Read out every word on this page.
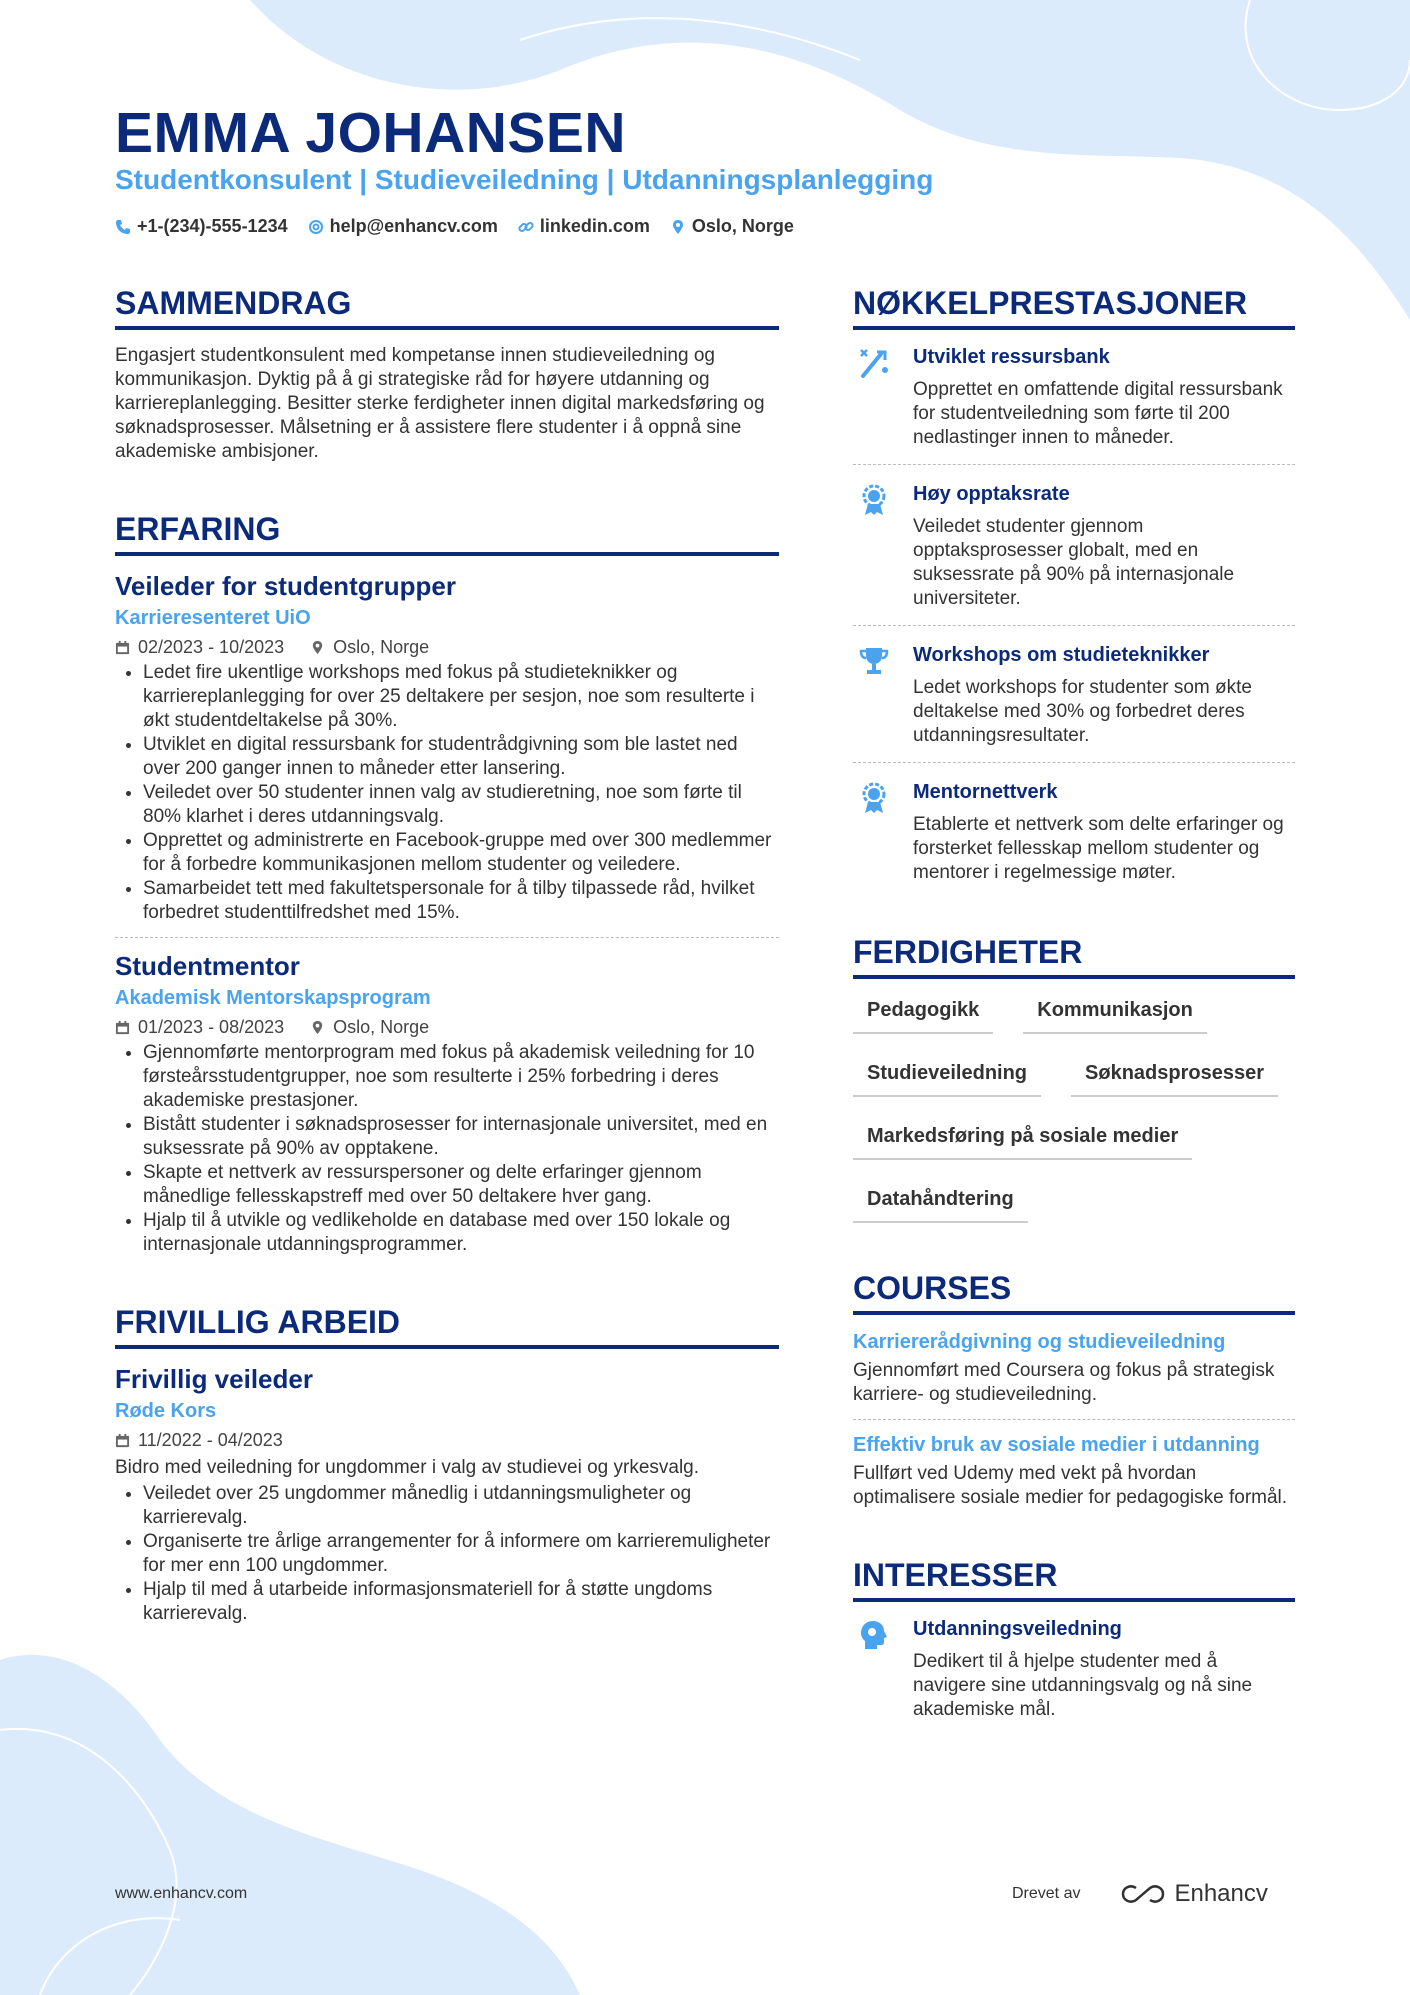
EMMA JOHANSEN
Studentkonsulent | Studieveiledning | Utdanningsplanlegging
+1-(234)-555-1234 help@enhancv.com linkedin.com Oslo, Norge
SAMMENDRAG
Engasjert studentkonsulent med kompetanse innen studieveiledning og kommunikasjon. Dyktig på å gi strategiske råd for høyere utdanning og karriereplanlegging. Besitter sterke ferdigheter innen digital markedsføring og søknadsprosesser. Målsetning er å assistere flere studenter i å oppnå sine akademiske ambisjoner.
ERFARING
Veileder for studentgrupper
Karrieresenteret UiO
02/2023 - 10/2023	Oslo, Norge
• Ledet fire ukentlige workshops med fokus på studieteknikker og karriereplanlegging for over 25 deltakere per sesjon, noe som resulterte i økt studentdeltakelse på 30%.
• Utviklet en digital ressursbank for studentrådgivning som ble lastet ned over 200 ganger innen to måneder etter lansering.
• Veiledet over 50 studenter innen valg av studieretning, noe som førte til 80% klarhet i deres utdanningsvalg.
• Opprettet og administrerte en Facebook-gruppe med over 300 medlemmer for å forbedre kommunikasjonen mellom studenter og veiledere.
• Samarbeidet tett med fakultetspersonale for å tilby tilpassede råd, hvilket forbedret studenttilfredshet med 15%.
Studentmentor
Akademisk Mentorskapsprogram
01/2023 - 08/2023	Oslo, Norge
• Gjennomførte mentorprogram med fokus på akademisk veiledning for 10 førsteårsstudentgrupper, noe som resulterte i 25% forbedring i deres akademiske prestasjoner.
• Bistått studenter i søknadsprosesser for internasjonale universitet, med en suksessrate på 90% av opptakene.
• Skapte et nettverk av ressurspersoner og delte erfaringer gjennom månedlige fellesskapstreff med over 50 deltakere hver gang.
• Hjalp til å utvikle og vedlikeholde en database med over 150 lokale og internasjonale utdanningsprogrammer.
FRIVILLIG ARBEID
Frivillig veileder
Røde Kors
11/2022 - 04/2023
Bidro med veiledning for ungdommer i valg av studievei og yrkesvalg.
• Veiledet over 25 ungdommer månedlig i utdanningsmuligheter og karrierevalg.
• Organiserte tre årlige arrangementer for å informere om karrieremuligheter for mer enn 100 ungdommer.
• Hjalp til med å utarbeide informasjonsmateriell for å støtte ungdoms karrierevalg.
NØKKELPRESTASJONER
Utviklet ressursbank
Opprettet en omfattende digital ressursbank for studentveiledning som førte til 200 nedlastinger innen to måneder.
Høy opptaksrate
Veiledet studenter gjennom opptaksprosesser globalt, med en suksessrate på 90% på internasjonale universiteter.
Workshops om studieteknikker
Ledet workshops for studenter som økte deltakelse med 30% og forbedret deres utdanningsresultater.
Mentornettverk
Etablerte et nettverk som delte erfaringer og forsterket fellesskap mellom studenter og mentorer i regelmessige møter.
FERDIGHETER
Pedagogikk	Kommunikasjon
Studieveiledning	Søknadsprosesser
Markedsføring på sosiale medier
Datahåndtering
COURSES
Karriererådgivning og studieveiledning
Gjennomført med Coursera og fokus på strategisk karriere- og studieveiledning.
Effektiv bruk av sosiale medier i utdanning
Fullført ved Udemy med vekt på hvordan optimalisere sosiale medier for pedagogiske formål.
INTERESSER
Utdanningsveiledning
Dedikert til å hjelpe studenter med å navigere sine utdanningsvalg og nå sine akademiske mål.
www.enhancv.com	Drevet av	Enhancv
